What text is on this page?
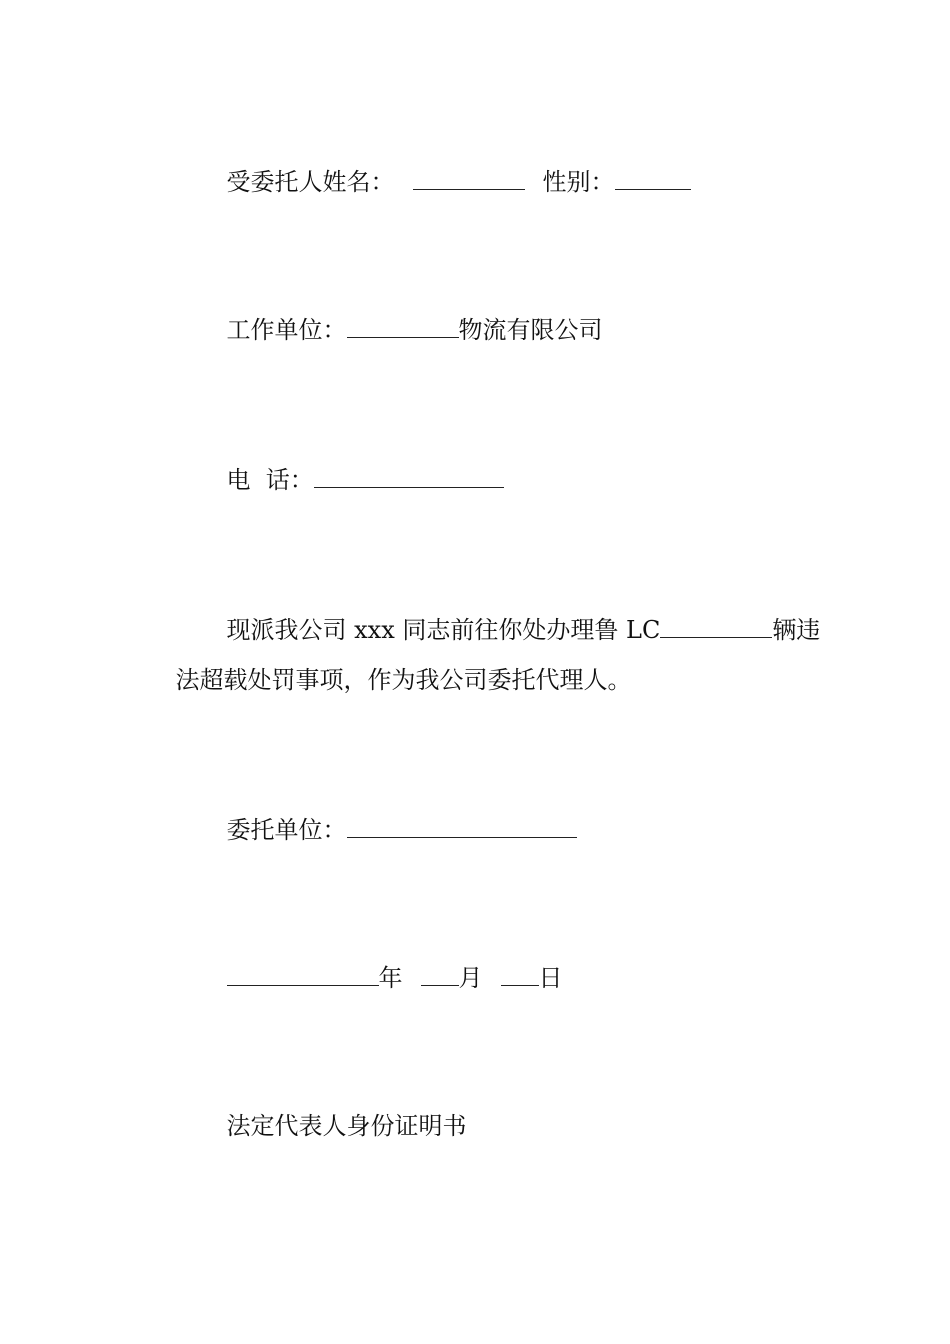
受委托人姓名：	性别：

工作单位：	物流有限公司

电  话：

现派我公司 xxx 同志前往你处办理鲁 LC	辆违

法超载处罚事项，作为我公司委托代理人。

委托单位：

年 月 日

法定代表人身份证明书
